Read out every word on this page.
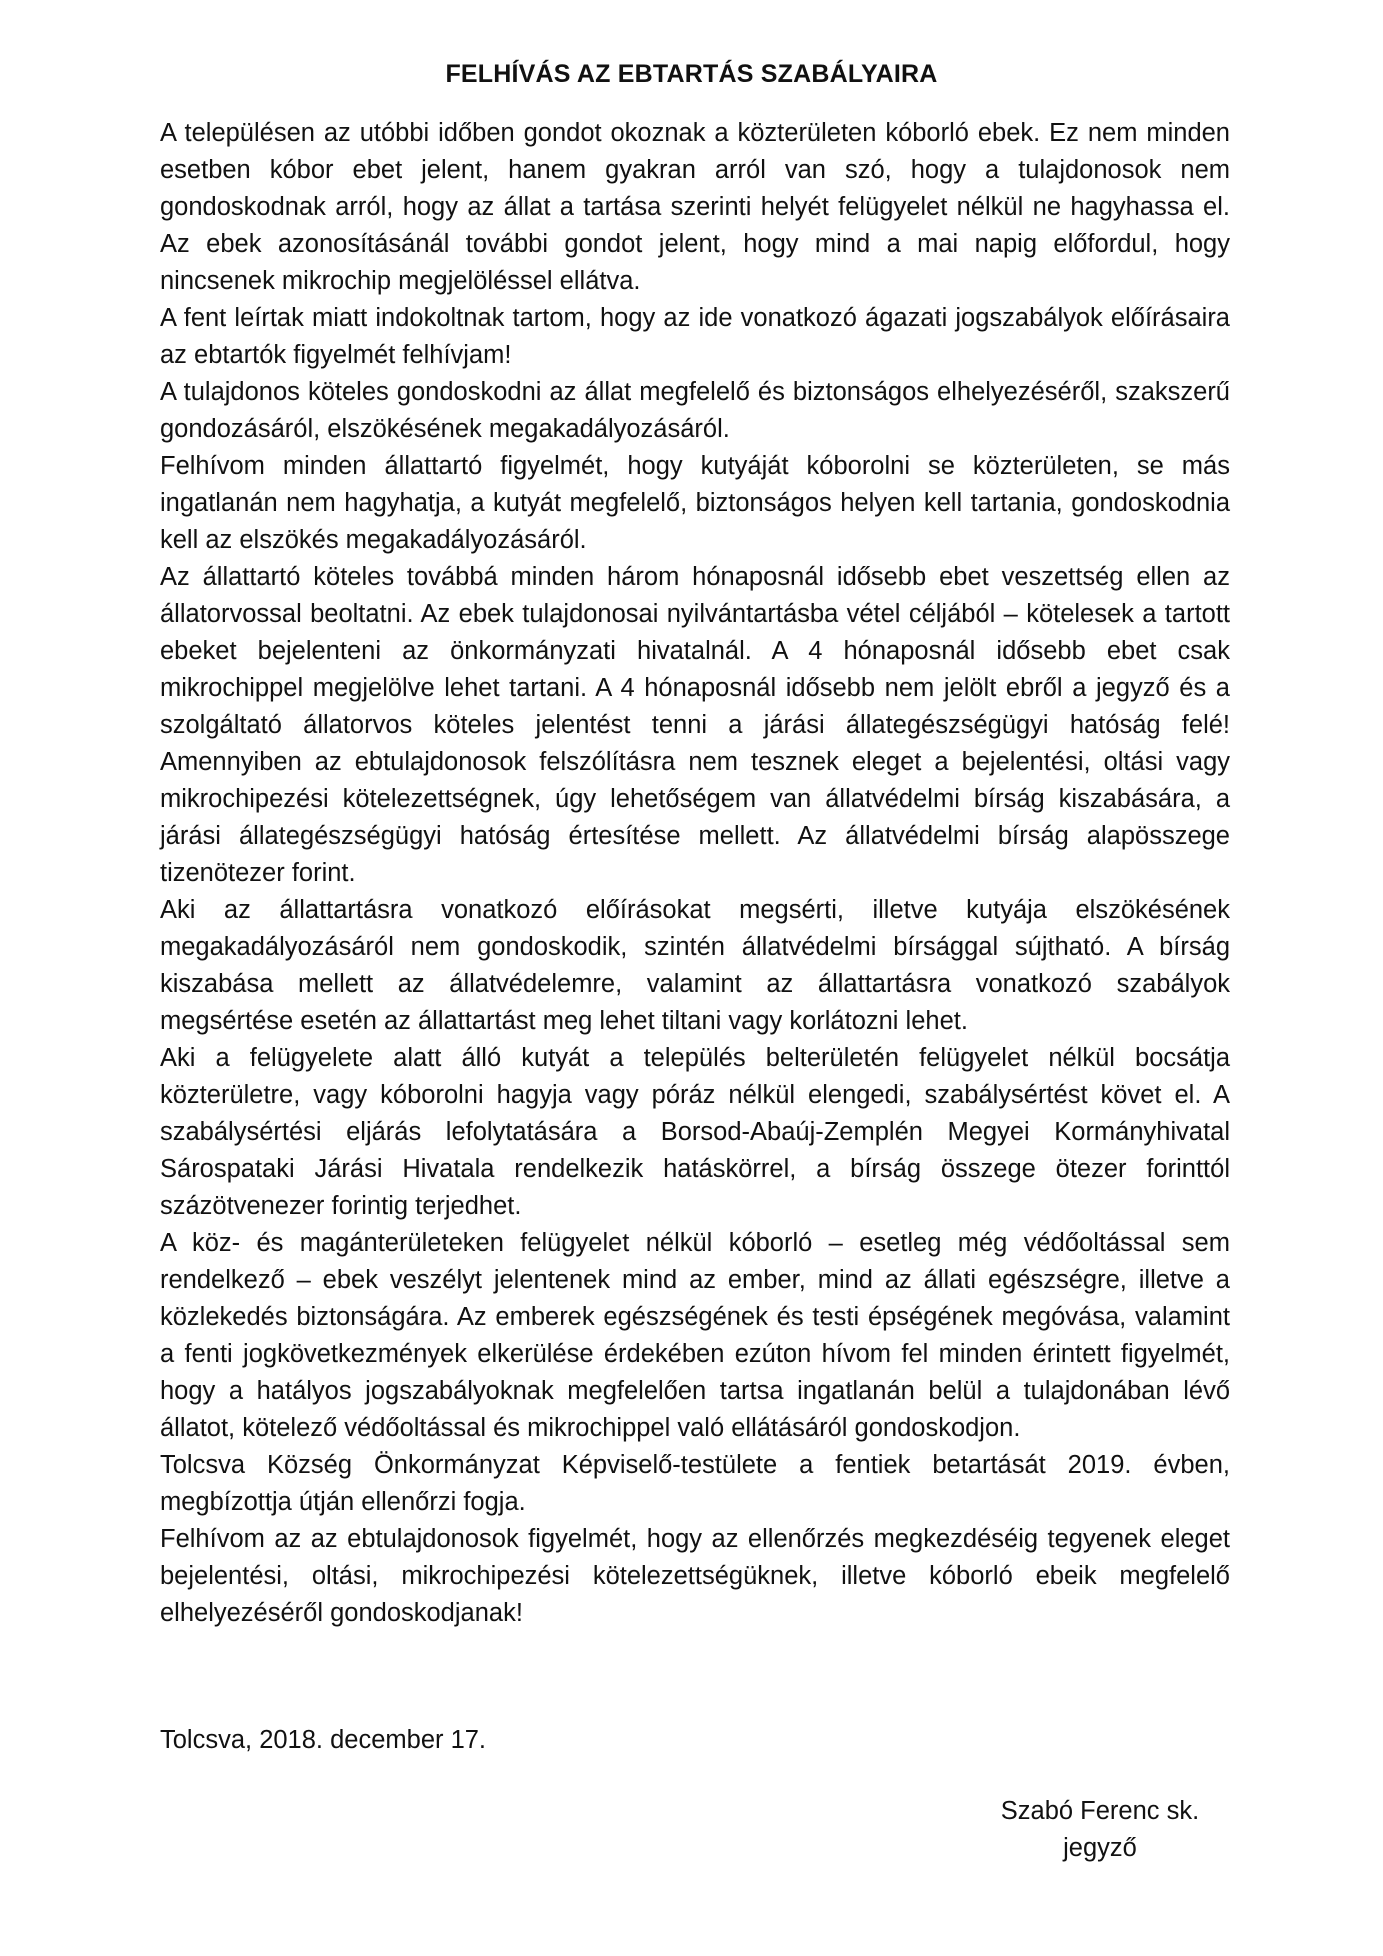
FELHÍVÁS AZ EBTARTÁS SZABÁLYAIRA

A településen az utóbbi időben gondot okoznak a közterületen kóborló ebek. Ez nem minden esetben kóbor ebet jelent, hanem gyakran arról van szó, hogy a tulajdonosok nem gondoskodnak arról, hogy az állat a tartása szerinti helyét felügyelet nélkül ne hagyhassa el. Az ebek azonosításánál további gondot jelent, hogy mind a mai napig előfordul, hogy nincsenek mikrochip megjelöléssel ellátva.

A fent leírtak miatt indokoltnak tartom, hogy az ide vonatkozó ágazati jogszabályok előírásaira az ebtartók figyelmét felhívjam!

A tulajdonos köteles gondoskodni az állat megfelelő és biztonságos elhelyezéséről, szakszerű gondozásáról, elszökésének megakadályozásáról.

Felhívom minden állattartó figyelmét, hogy kutyáját kóborolni se közterületen, se más ingatlanán nem hagyhatja, a kutyát megfelelő, biztonságos helyen kell tartania, gondoskodnia kell az elszökés megakadályozásáról.

Az állattartó köteles továbbá minden három hónaposnál idősebb ebet veszettség ellen az állatorvossal beoltatni. Az ebek tulajdonosai nyilvántartásba vétel céljából – kötelesek a tartott ebeket bejelenteni az önkormányzati hivatalnál. A 4 hónaposnál idősebb ebet csak mikrochippel megjelölve lehet tartani. A 4 hónaposnál idősebb nem jelölt ebről a jegyző és a szolgáltató állatorvos köteles jelentést tenni a járási állategészségügyi hatóság felé! Amennyiben az ebtulajdonosok felszólításra nem tesznek eleget a bejelentési, oltási vagy mikrochipezési kötelezettségnek, úgy lehetőségem van állatvédelmi bírság kiszabására, a járási állategészségügyi hatóság értesítése mellett. Az állatvédelmi bírság alapösszege tizenötezer forint.

Aki az állattartásra vonatkozó előírásokat megsérti, illetve kutyája elszökésének megakadályozásáról nem gondoskodik, szintén állatvédelmi bírsággal sújtható. A bírság kiszabása mellett az állatvédelemre, valamint az állattartásra vonatkozó szabályok megsértése esetén az állattartást meg lehet tiltani vagy korlátozni lehet.

Aki a felügyelete alatt álló kutyát a település belterületén felügyelet nélkül bocsátja közterületre, vagy kóborolni hagyja vagy póráz nélkül elengedi, szabálysértést követ el. A szabálysértési eljárás lefolytatására a Borsod-Abaúj-Zemplén Megyei Kormányhivatal Sárospataki Járási Hivatala rendelkezik hatáskörrel, a bírság összege ötezer forinttól százötvenezer forintig terjedhet.

A köz- és magánterületeken felügyelet nélkül kóborló – esetleg még védőoltással sem rendelkező – ebek veszélyt jelentenek mind az ember, mind az állati egészségre, illetve a közlekedés biztonságára. Az emberek egészségének és testi épségének megóvása, valamint a fenti jogkövetkezmények elkerülése érdekében ezúton hívom fel minden érintett figyelmét, hogy a hatályos jogszabályoknak megfelelően tartsa ingatlanán belül a tulajdonában lévő állatot, kötelező védőoltással és mikrochippel való ellátásáról gondoskodjon.

Tolcsva Község Önkormányzat Képviselő-testülete a fentiek betartását 2019. évben, megbízottja útján ellenőrzi fogja.

Felhívom az az ebtulajdonosok figyelmét, hogy az ellenőrzés megkezdéséig tegyenek eleget bejelentési, oltási, mikrochipezési kötelezettségüknek, illetve kóborló ebeik megfelelő elhelyezéséről gondoskodjanak!

Tolcsva, 2018. december 17.
Szabó Ferenc sk.
jegyző
